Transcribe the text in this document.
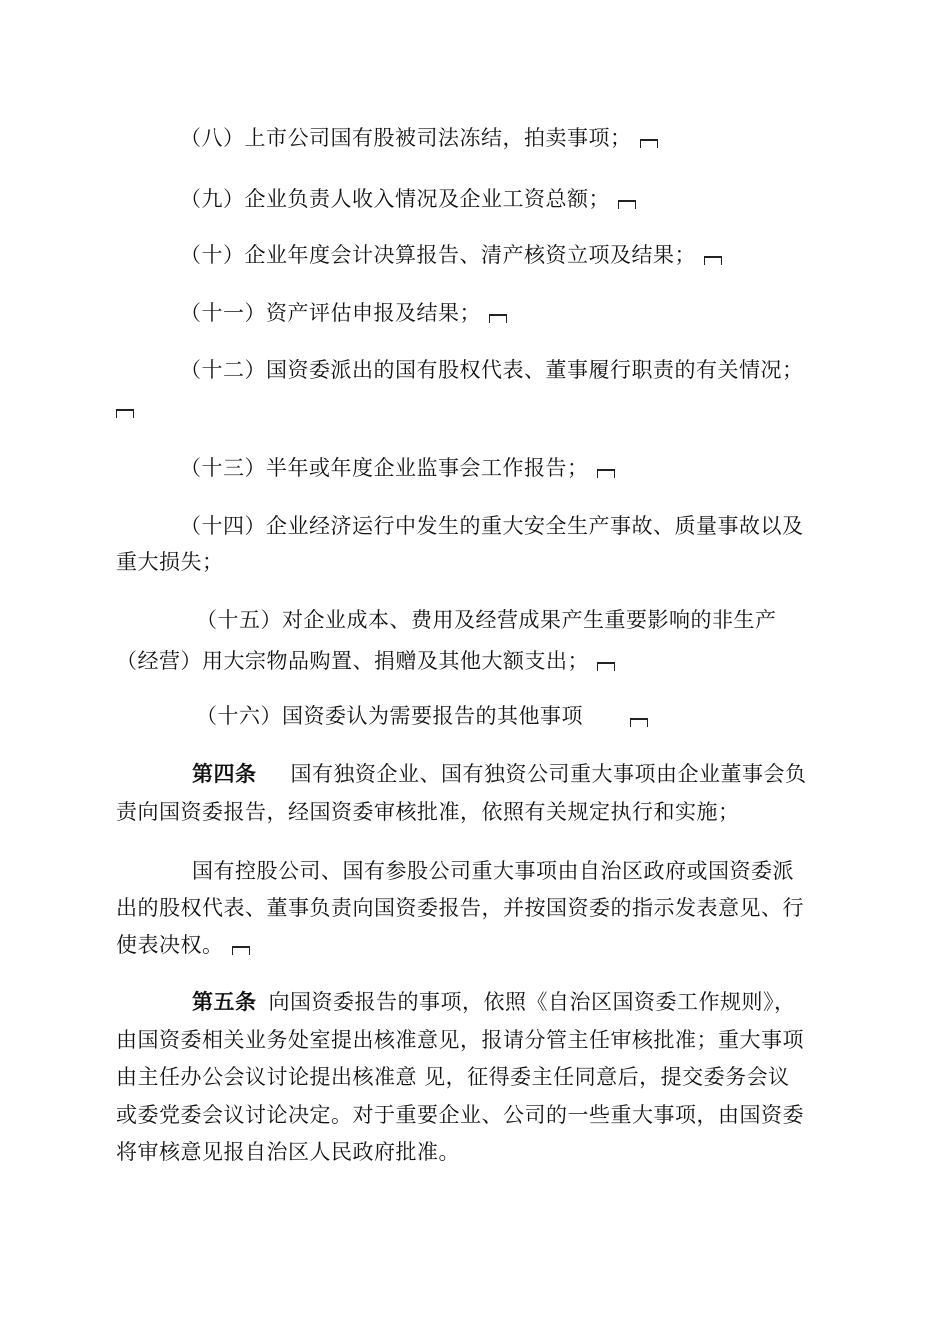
（八）上市公司国有股被司法冻结，拍卖事项；
（九）企业负责人收入情况及企业工资总额；
（十）企业年度会计决算报告、清产核资立项及结果；
（十一）资产评估申报及结果；
（十二）国资委派出的国有股权代表、董事履行职责的有关情况；
（十三）半年或年度企业监事会工作报告；
（十四）企业经济运行中发生的重大安全生产事故、质量事故以及
重大损失；
（十五）对企业成本、费用及经营成果产生重要影响的非生产
（经营）用大宗物品购置、捐赠及其他大额支出；
（十六）国资委认为需要报告的其他事项
第四条 国有独资企业、国有独资公司重大事项由企业董事会负
责向国资委报告，经国资委审核批准，依照有关规定执行和实施；
国有控股公司、国有参股公司重大事项由自治区政府或国资委派
出的股权代表、董事负责向国资委报告，并按国资委的指示发表意见、行
使表决权。
第五条 向国资委报告的事项，依照《自治区国资委工作规则》，
由国资委相关业务处室提出核准意见，报请分管主任审核批准；重大事项
由主任办公会议讨论提出核准意 见，征得委主任同意后，提交委务会议
或委党委会议讨论决定。对于重要企业、公司的一些重大事项，由国资委
将审核意见报自治区人民政府批准。
